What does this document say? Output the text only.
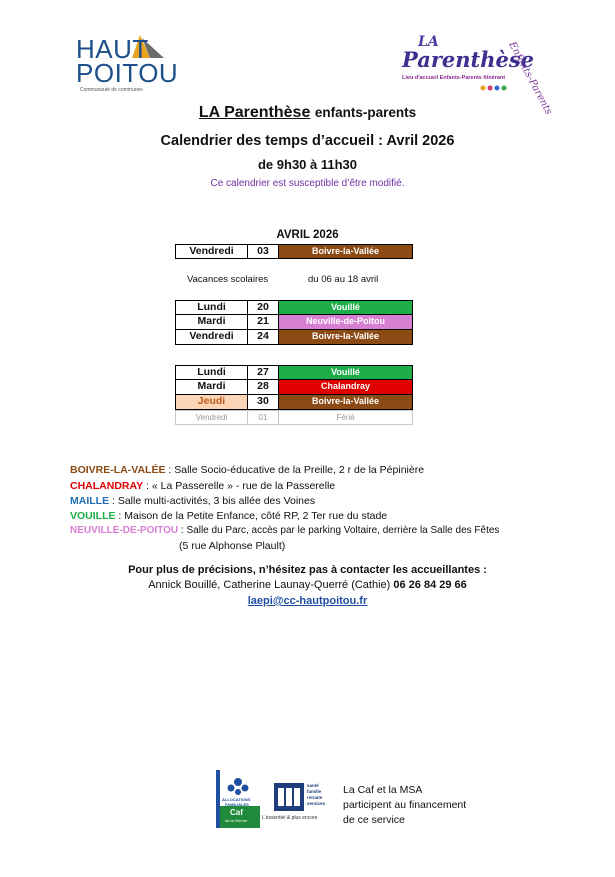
HAUT
POITOU
Communauté de communes
LA
Parenthèse
Lieu d'accueil Enfants-Parents Itinérant Enfants-Parents
LA Parenthèse enfants-parents
Calendrier des temps d’accueil : Avril 2026
de 9h30 à 11h30
Ce calendrier est susceptible d’être modifié.
AVRIL 2026
Vendredi	03	Boivre-la-Vallée
Vacances scolaires	du 06 au 18 avril
Lundi	20	Vouillé
Mardi	21	Neuville-de-Poitou
Vendredi	24	Boivre-la-Vallée
Lundi	27	Vouillé
Mardi	28	Chalandray
Jeudi	30	Boivre-la-Vallée
Vendredi	01	Férié
BOIVRE-LA-VALÉE : Salle Socio-éducative de la Preille, 2 r de la Pépinière
CHALANDRAY : « La Passerelle » - rue de la Passerelle
MAILLE : Salle multi-activités, 3 bis allée des Voines
VOUILLE : Maison de la Petite Enfance, côté RP, 2 Ter rue du stade
NEUVILLE-DE-POITOU : Salle du Parc, accès par le parking Voltaire, derrière la Salle des Fêtes
(5 rue Alphonse Plault)
Pour plus de précisions, n’hésitez pas à contacter les accueillantes :
Annick Bouillé, Catherine Launay-Querré (Cathie) 06 26 84 29 66
laepi@cc-hautpoitou.fr
ALLOCATIONS
FAMILIALES
Caf
de la Vienne
santé
famille
retraite
services
L'essentiel & plus encore
La Caf et la MSA
participent au financement
de ce service
